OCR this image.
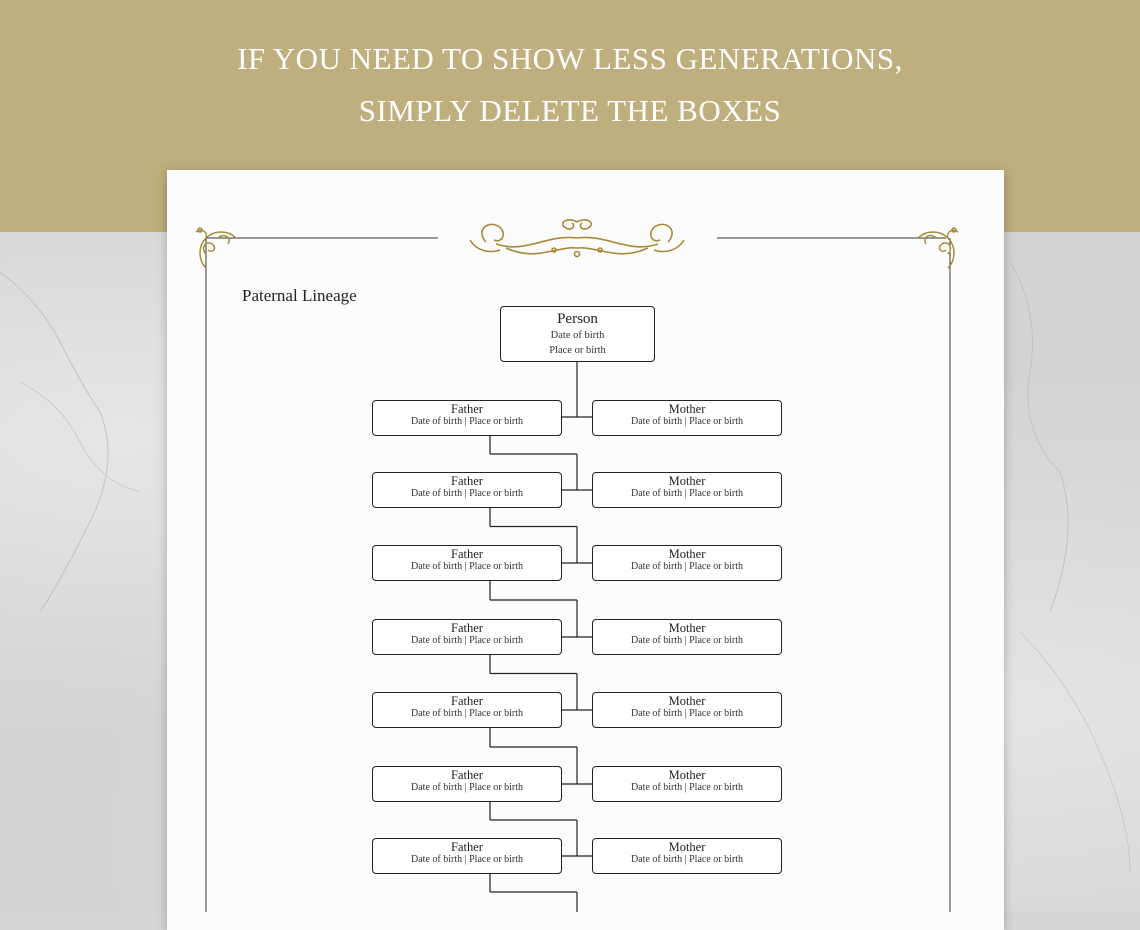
IF YOU NEED TO SHOW LESS GENERATIONS,
SIMPLY DELETE THE BOXES
Paternal Lineage
Person
Date of birth
Place or birth
Father
Date of birth | Place or birth
Mother
Date of birth | Place or birth
Father
Date of birth | Place or birth
Mother
Date of birth | Place or birth
Father
Date of birth | Place or birth
Mother
Date of birth | Place or birth
Father
Date of birth | Place or birth
Mother
Date of birth | Place or birth
Father
Date of birth | Place or birth
Mother
Date of birth | Place or birth
Father
Date of birth | Place or birth
Mother
Date of birth | Place or birth
Father
Date of birth | Place or birth
Mother
Date of birth | Place or birth
